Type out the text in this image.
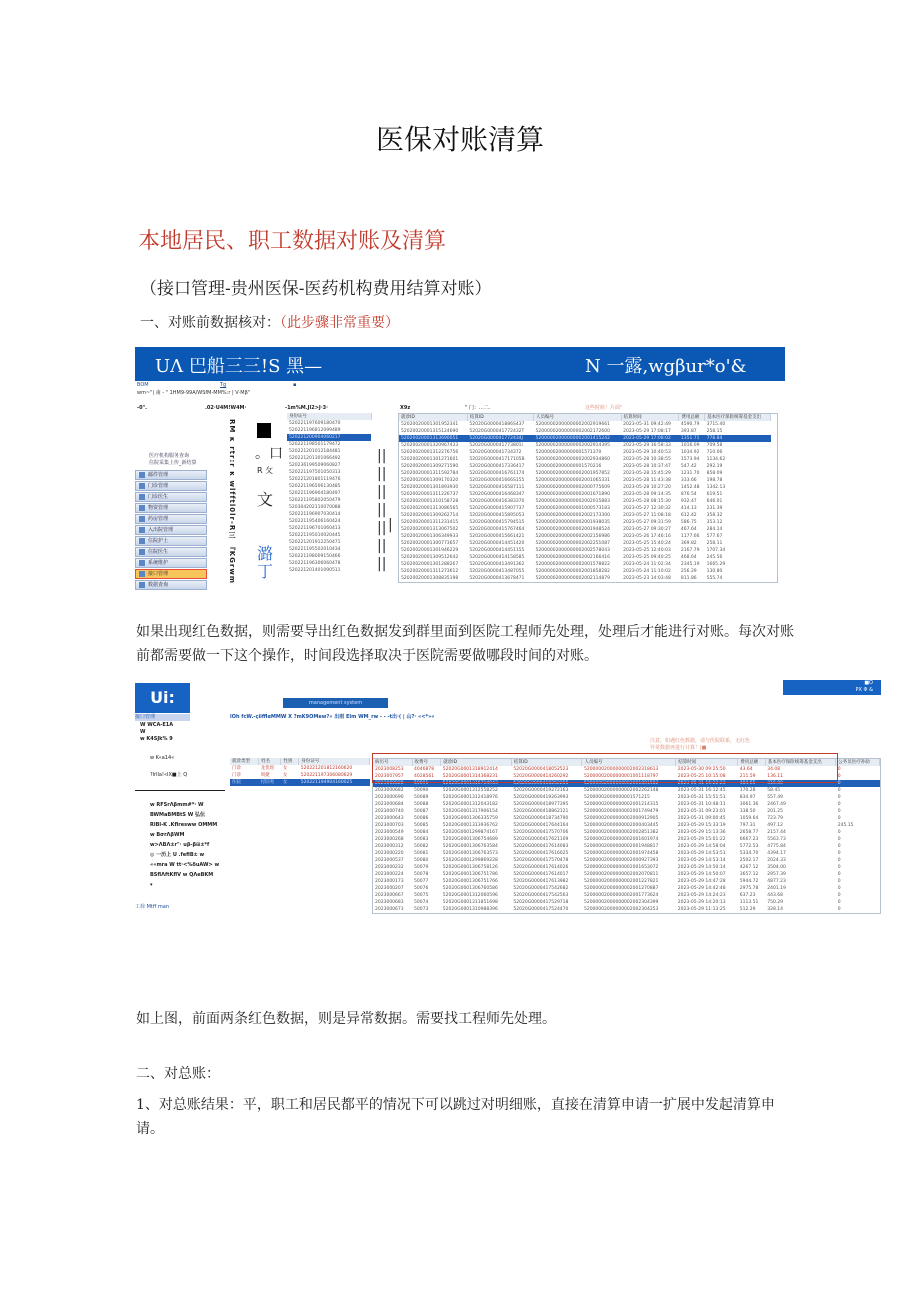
医保对账清算
本地居民、职工数据对账及清算
（接口管理-贵州医保-医药机构费用结算对账）
一、对账前数据核对：（此步骤非常重要）
UΛ 巴船三三!S 黑—	N 一露,wgβur*o'&
BOM	Tg	▪
wm~"| 歯 - " 1HM9-99A/WSfM-MM%:r | V·Mβ"
-0".	.02·U4M!W4M·	-1m%M.Jl2>J·3·	X9z	" 门：…二.	这些时候！片面"
RM κ rtr:r κ wlfftl0lr-R三 『KGrwm 。口
R 攵
文
潞丁
医疗机构服务查询
住院采集上传_新结算
邮件管理
门诊管理
门诊医生
物资管理
药房管理
入出院管理
住院护士
住院医生
系统维护
接口管理
数据查询
身份证号
520221197609180470
520221196812099489
520221200904060217
520221198501179472
520221201012184481
520221201301066492
520236199509060827
520221197501050313
520221201801119476
520221196506130485
520221196904180497
520221195802050479
520304202110070088
520221196907030414
520221195406160424
520221196701060413
520221195010020445
520221201912250471
520221195502010434
520221198009150466
520221196306060478
520221201401090511
||
||
||
||
||
||
||
|
就诊ID	结算ID	人员编号	结算时间	费用总额	基本医疗保险统筹基金支出
52020020001301952341	52020G000041886S437	52000002000000002002919661	2023-05-31 09:42:49	4590.79	3715.40
52020020001315124690	52020G000041772432T	52000002000000002002172600	2023-05-29 17:08:17	393.87	258.15
52020020001313690051	52020G000041772434J	52000002000000002001415242	2023-05-29 17:08:02	1351.71	778.84
52020020001320967433	52020G000041773801I	52000002000000002002914395	2023-05-29 16:58:33	1016.09	709.58
52020020001312276756	52020G000041734372	52000002000000001571370	2023-05-29 10:40:53	1034.92	710.06
52020020001301271601	52020G000041717105B	52000002000000002002934860	2023-05-28 10:38:55	1573.94	1134.62
52020020001309271590	52020G0000417336417	52000002000000001570216	2023-05-28 10:37:47	547.42	292.19
52020020001311592784	52020G00004167611​74	52000002000000002001957852	2023-05-28 15:45:29	1231.70	858.09
52020020001309170320	52020G000041666S155	52000002000000002001065331	2023-05-28 11:43:38	333.66	198.78
52020020001301893930	52020G0000416587111	52000002000000002000775609	2023-05-28 10:27:20	1452.48	1342.13
52020020001311226737	52020G0000416468347	52000002000000002001671890	2023-05-28 09:14:35	876.54	619.51
52020020001310158728	52020G0000416383370	52000002000000002002015883	2023-05-28 08:15:30	932.47	646.01
52020020001313086565	52020G0000415907737	52000002000000001000573183	2023-05-27 12:30:32	414.13	231.39
52020020001309262714	52020G0000415895053	52000002000000002002173300	2023-05-27 11:08:18	612.42	358.32
52020020001311231415	52020G0000415794515	52000002000000002001938035	2023-05-27 09:31:59	586.75	353.12
52020020001313067502	52020G0000415767464	52000002000000002001948524	2023-05-27 09:30:27	467.64	284.14
52020020001306349933	52020G0000415661421	52000002000000002002156986	2023-05-26 17:46:16	1177.66	577.67
52020020001300773657	52020G0000414451420	52000002000000002002251087	2023-05-25 15:40:24	369.82	258.11
52020020001301946229	52020G0000414451155	52000002000000002002578043	2023-05-25 12:40:03	2167.79	1707.34
52020020001309512642	52020G0000414158585	52000002000000002002166416	2023-05-25 09:40:25	468.64	245.56
52020020001301288267	52020G0000413491362	52000002000000002001578822	2023-05-24 11:02:34	2345.19	1665.29
52020020001311273612	52020G0000413487055	52000002000000002001858282	2023-05-24 11:10:02	256.29	130.80
52020020001308835198	52020G0000413678471	52000002000000002002114879	2023-05-23 14:03:48	811.86	555.74
如果出现红色数据，则需要导出红色数据发到群里面到医院工程师先处理，处理后才能进行对账。每次对账前都需要做一下这个操作，时间段选择取决于医院需要做哪段时间的对账。
Ui:	management system
■O
PX Φ &
接口管理
W WCA-E1A
W
w K4SJk% 9
w K«a14«
?lrlla!«IX■上 Q
w RFSrΛβmm#*· W
BWMaBMBtS W 弘伝
RlBl-K .Kflresww OMMM
w BσrΛβWM
w>ΛBΛ±r"· uβ-β⊞±*f
◎ 一历上 U .fefiB± w
««mra W tt·<%δuAW> w
BSflΛftKflV w QΛeBKM
▾
工荷 Mtff man
lOh fcW.-çiifflαMMW X ?mK9OMew?« 出雨 Elm WM_rw - - -t出·( | 山?· «<*»«
注意，如遇红色数据，请与医院联系，无红色
异常数据再进行计算！|■
就诊类型	姓名	性别	身份证号
门诊	龙优瑶	女	520221201812160620
门诊	周捷	女	520221197306080629
住院	付旧英	女	520221194904160025
病历号	收费号	就诊ID	结算ID	人员编号	结算时间	费用总额	基本医疗保险统筹基金支出	公务员医疗补助
2023008253	4046878	52020G0001318912414	52020G0000418052523	52000002000000002002318613	2023-05-30 09:25:50	43.64	34.08	0
2023007957	4028561	52020G0001314368231	52020G0000414260292	52000002000000001001118797	2023-05-25 10:15:08	211.59	136.11	0
2023000828	50091	52020G0001316714943	52020G0000418262255	52000002000000002001801582	2023-05-31 16:22:23	484.65	316.80	0
2023000682	50090	52020G0001312558252	52020G0000419272163	52000002000000002002262148	2023-05-31 16:12:45	170.28	58.45	0
2023000690	50089	52020G0001312418976	52020G0000419263993	52000002000000001571215	2023-05-31 15:51:51	834.97	557.49	0
2023000684	50088	52020G0001312043182	52020G0000418977395	52000002000000002001214315	2023-05-31 10:48:11	3061.36	2467.49	0
2023000740	50087	52020G0001317906154	52020G0000418862121	52000002000000002001749479	2023-05-31 09:23:01	338.50	201.25	0
2023000643	50086	52020G0001306335759	52020G0000418734790	52000002000000002000912905	2023-05-31 09:00:45	1059.64	723.79	0
2023000703	50085	52020G0001313936762	52020G0000417644164	52000002000000002000403445	2023-05-29 15:33:19	797.31	497.12	245.15
2023000549	50084	52020G0001299874167	52020G0000417570706	52000002000000002002851382	2023-05-29 15:13:36	2658.77	2157.44	0
2023000268	50083	52020G0001306754689	52020G0000417621109	52000002000000002001601974	2023-05-29 15:01:22	6667.23	5563.73	0
2023000312	50082	52020G0001306763584	52020G0000417614083	52000002000000002001948817	2023-05-29 14:58:04	5772.53	4775.84	0
2023000220	50081	52020G0001306763573	52020G0000417616025	52000002000000002001974458	2023-05-29 14:53:51	5334.70	4394.17	0
2023000537	50080	52020G0001299869228	52020G0000417570478	52000002000000002000927393	2023-05-29 14:53:14	2502.17	2024.33	0
2023000232	50079	52020G0001306758126	52020G0000417614026	52000002000000002001653072	2023-05-29 14:50:14	4267.12	3504.00	0
2023000224	50078	52020G0001306751786	52020G0000417614017	52000002000000002002070811	2023-05-29 14:50:07	3657.12	2957.39	0
2023000173	50077	52020G0001306751766	52020G0000417613982	52000002000000002001227821	2023-05-29 14:47:28	5944.72	4877.23	0
2023000207	50076	52020G0001306760586	52020G0000417542682	52000002000000002001270887	2023-05-29 14:42:48	2975.78	2401.19	0
2023000667	50075	52020G0001312060596	52020G0000417542563	52000002000000002001773624	2023-05-29 14:24:23	637.23	443.68	0
2023000683	50074	52020G0001311851698	52020G0000417529718	52000002000000002002304399	2023-05-29 14:20:13	1113.51	750.29	0
2023000673	50073	52020G0001310988396	52020G0000417524470	52000002000000002002304253	2023-05-29 11:13:25	512.29	328.14	0
如上图，前面两条红色数据，则是异常数据。需要找工程师先处理。
二、对总账：
1、对总账结果：平，职工和居民都平的情况下可以跳过对明细账，直接在清算申请一扩展中发起清算申请。
